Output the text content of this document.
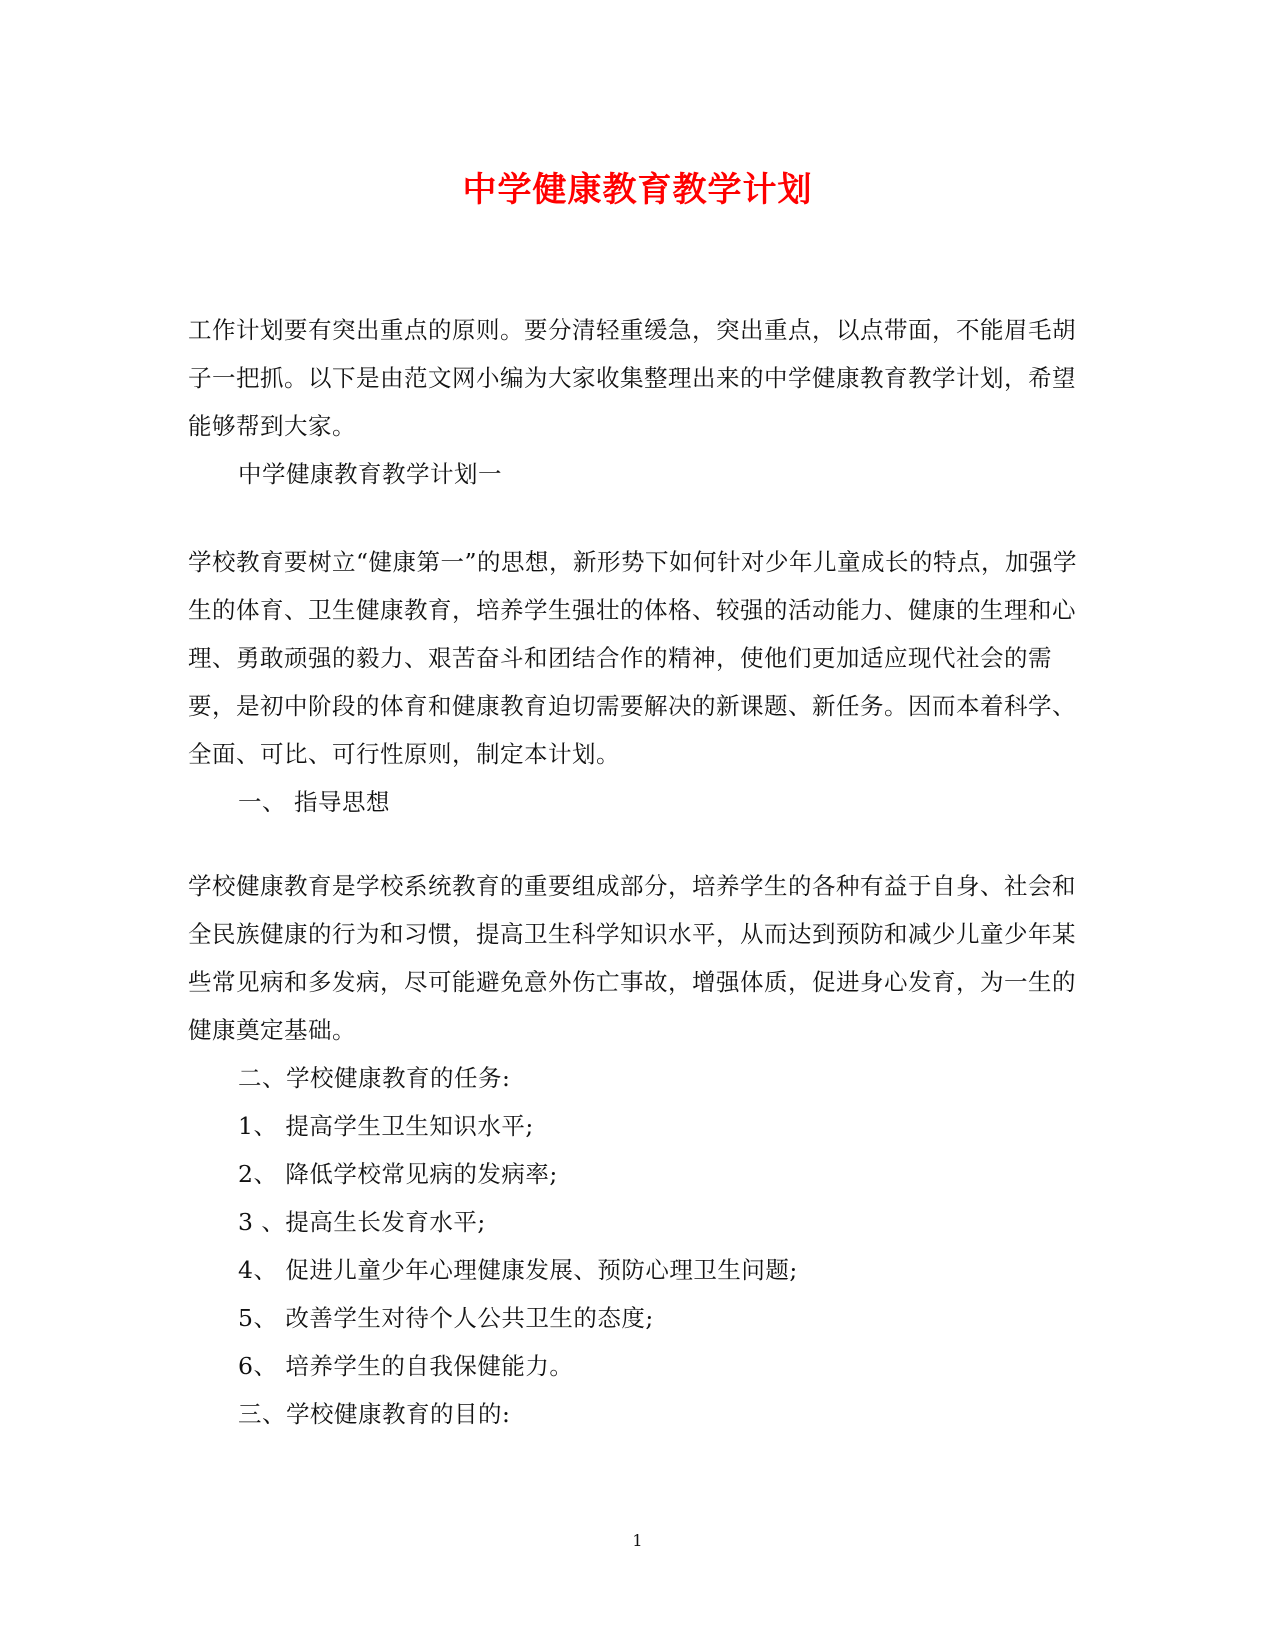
中学健康教育教学计划

工作计划要有突出重点的原则。要分清轻重缓急，突出重点，以点带面，不能眉毛胡子一把抓。以下是由范文网小编为大家收集整理出来的中学健康教育教学计划，希望能够帮到大家。

中学健康教育教学计划一

学校教育要树立“健康第一”的思想，新形势下如何针对少年儿童成长的特点，加强学生的体育、卫生健康教育，培养学生强壮的体格、较强的活动能力、健康的生理和心理、勇敢顽强的毅力、艰苦奋斗和团结合作的精神，使他们更加适应现代社会的需要，是初中阶段的体育和健康教育迫切需要解决的新课题、新任务。因而本着科学、全面、可比、可行性原则，制定本计划。

一、 指导思想

学校健康教育是学校系统教育的重要组成部分，培养学生的各种有益于自身、社会和全民族健康的行为和习惯，提高卫生科学知识水平，从而达到预防和减少儿童少年某些常见病和多发病，尽可能避免意外伤亡事故，增强体质，促进身心发育，为一生的健康奠定基础。

二、学校健康教育的任务:

1、 提高学生卫生知识水平;

2、 降低学校常见病的发病率;

3 、提高生长发育水平;

4、 促进儿童少年心理健康发展、预防心理卫生问题;

5、 改善学生对待个人公共卫生的态度;

6、 培养学生的自我保健能力。

三、学校健康教育的目的:

1
